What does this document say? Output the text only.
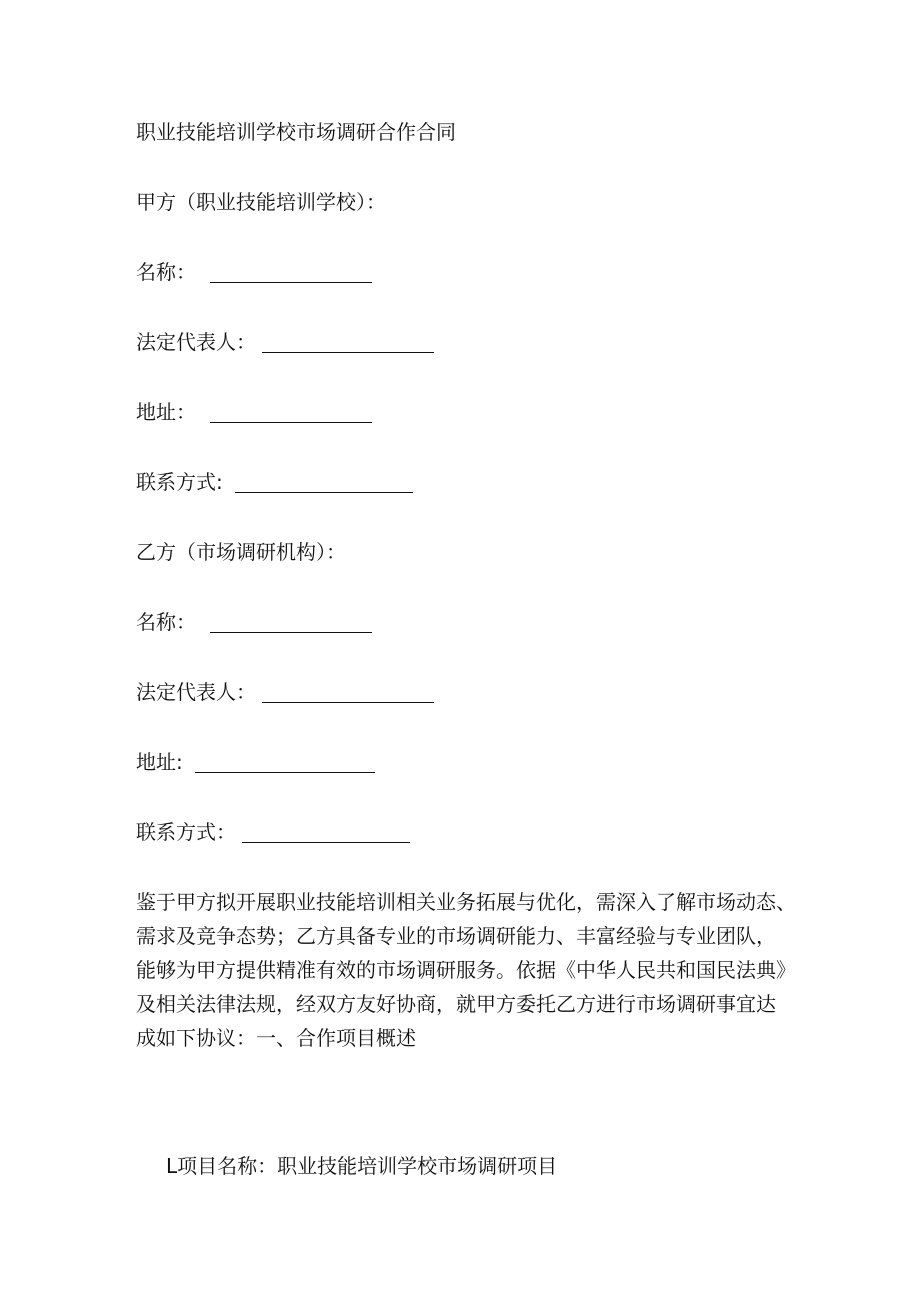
职业技能培训学校市场调研合作合同
甲方（职业技能培训学校）：
名称：
法定代表人：
地址：
联系方式:
乙方（市场调研机构）：
名称：
法定代表人：
地址:
联系方式：
鉴于甲方拟开展职业技能培训相关业务拓展与优化，需深入了解市场动态、
需求及竞争态势；乙方具备专业的市场调研能力、丰富经验与专业团队，
能够为甲方提供精准有效的市场调研服务。依据《中华人民共和国民法典》
及相关法律法规，经双方友好协商，就甲方委托乙方进行市场调研事宜达
成如下协议：一、合作项目概述
L项目名称：职业技能培训学校市场调研项目
